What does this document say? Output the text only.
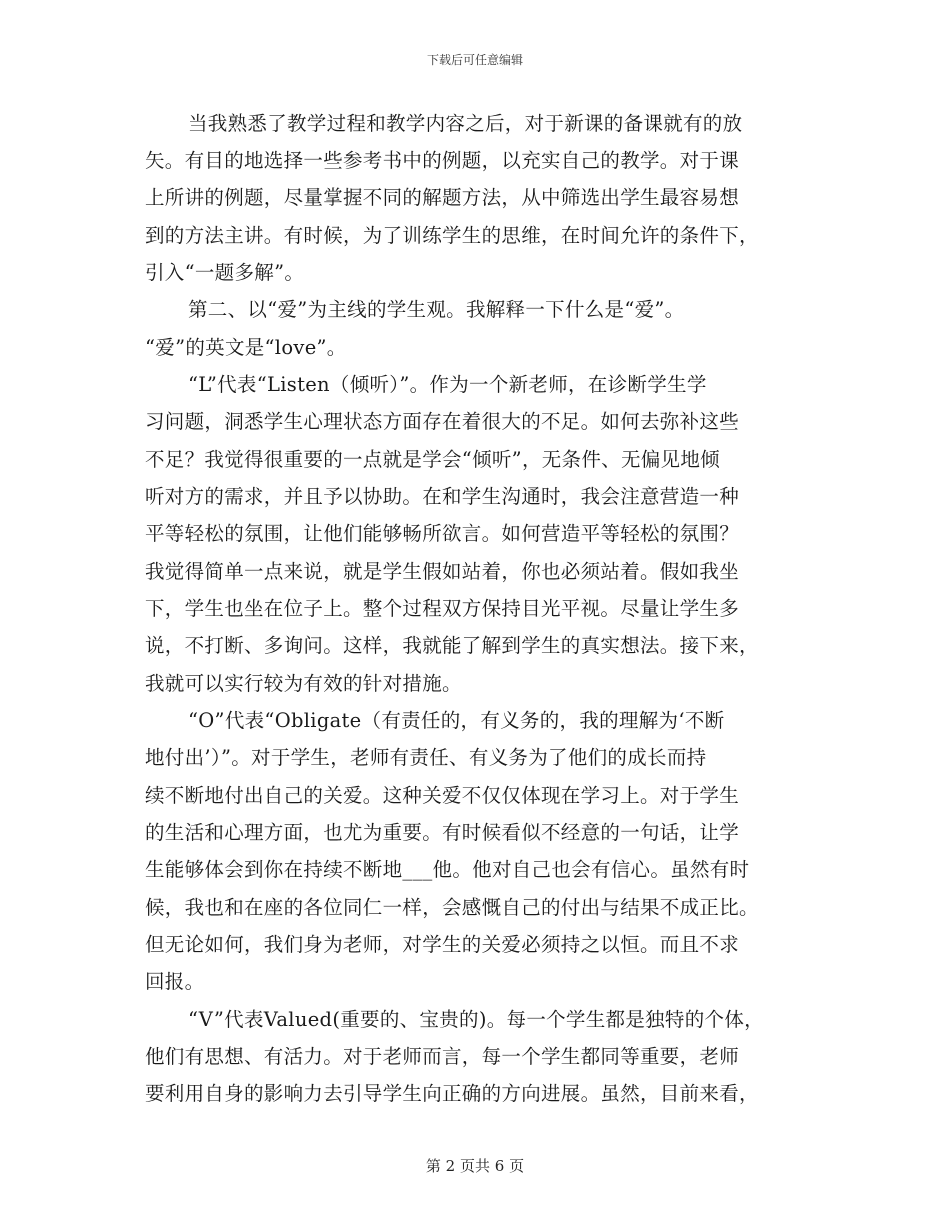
下载后可任意编辑
当我熟悉了教学过程和教学内容之后，对于新课的备课就有的放
矢。有目的地选择一些参考书中的例题，以充实自己的教学。对于课
上所讲的例题，尽量掌握不同的解题方法，从中筛选出学生最容易想
到的方法主讲。有时候，为了训练学生的思维，在时间允许的条件下，
引入“一题多解”。
第二、以“爱”为主线的学生观。我解释一下什么是“爱”。
“爱”的英文是“love”。
“L”代表“Listen（倾听）”。作为一个新老师，在诊断学生学
习问题，洞悉学生心理状态方面存在着很大的不足。如何去弥补这些
不足？我觉得很重要的一点就是学会“倾听”，无条件、无偏见地倾
听对方的需求，并且予以协助。在和学生沟通时，我会注意营造一种
平等轻松的氛围，让他们能够畅所欲言。如何营造平等轻松的氛围？
我觉得简单一点来说，就是学生假如站着，你也必须站着。假如我坐
下，学生也坐在位子上。整个过程双方保持目光平视。尽量让学生多
说，不打断、多询问。这样，我就能了解到学生的真实想法。接下来，
我就可以实行较为有效的针对措施。
“O”代表“Obligate（有责任的，有义务的，我的理解为‘不断
地付出’）”。对于学生，老师有责任、有义务为了他们的成长而持
续不断地付出自己的关爱。这种关爱不仅仅体现在学习上。对于学生
的生活和心理方面，也尤为重要。有时候看似不经意的一句话，让学
生能够体会到你在持续不断地___他。他对自己也会有信心。虽然有时
候，我也和在座的各位同仁一样，会感慨自己的付出与结果不成正比。
但无论如何，我们身为老师，对学生的关爱必须持之以恒。而且不求
回报。
“V”代表Valued(重要的、宝贵的)。每一个学生都是独特的个体，
他们有思想、有活力。对于老师而言，每一个学生都同等重要，老师
要利用自身的影响力去引导学生向正确的方向进展。虽然，目前来看，
第 2 页共 6 页
